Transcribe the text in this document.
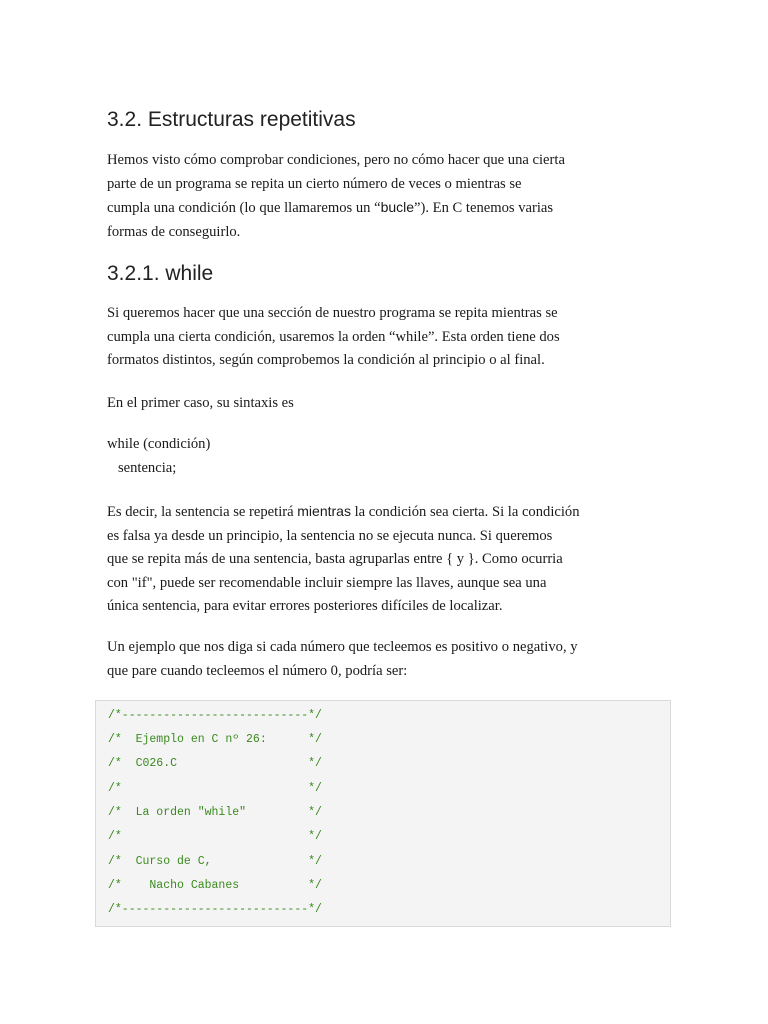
3.2. Estructuras repetitivas
Hemos visto cómo comprobar condiciones, pero no cómo hacer que una cierta
parte de un programa se repita un cierto número de veces o mientras se
cumpla una condición (lo que llamaremos un “bucle”). En C tenemos varias
formas de conseguirlo.
3.2.1. while
Si queremos hacer que una sección de nuestro programa se repita mientras se
cumpla una cierta condición, usaremos la orden “while”. Esta orden tiene dos
formatos distintos, según comprobemos la condición al principio o al final.
En el primer caso, su sintaxis es
while (condición)
sentencia;
Es decir, la sentencia se repetirá mientras la condición sea cierta. Si la condición
es falsa ya desde un principio, la sentencia no se ejecuta nunca. Si queremos
que se repita más de una sentencia, basta agruparlas entre { y }. Como ocurria
con "if", puede ser recomendable incluir siempre las llaves, aunque sea una
única sentencia, para evitar errores posteriores difíciles de localizar.
Un ejemplo que nos diga si cada número que tecleemos es positivo o negativo, y
que pare cuando tecleemos el número 0, podría ser:
/*---------------------------*/
/*  Ejemplo en C nº 26:      */
/*  C026.C                   */
/*                           */
/*  La orden "while"         */
/*                           */
/*  Curso de C,              */
/*    Nacho Cabanes          */
/*---------------------------*/
